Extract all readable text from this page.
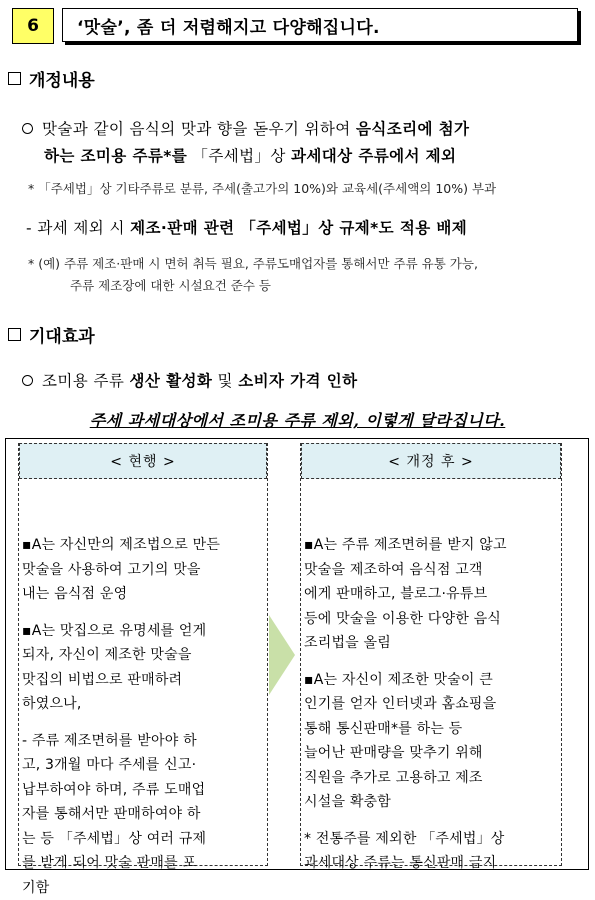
6 ‘맛술’, 좀 더 저렴해지고 다양해집니다.
개정내용
맛술과 같이 음식의 맛과 향을 돋우기 위하여 음식조리에 첨가
하는 조미용 주류*를 「주세법」상 과세대상 주류에서 제외
* 「주세법」상 기타주류로 분류, 주세(출고가의 10%)와 교육세(주세액의 10%) 부과
- 과세 제외 시 제조·판매 관련 「주세법」상 규제*도 적용 배제
* (예) 주류 제조·판매 시 면허 취득 필요, 주류도매업자를 통해서만 주류 유통 가능,
주류 제조장에 대한 시설요건 준수 등
기대효과
조미용 주류 생산 활성화 및 소비자 가격 인하
주세 과세대상에서 조미용 주류 제외, 이렇게 달라집니다.
< 현행 >
▪A는 자신만의 제조법으로 만든
맛술을 사용하여 고기의 맛을
내는 음식점 운영
▪A는 맛집으로 유명세를 얻게
되자, 자신이 제조한 맛술을
맛집의 비법으로 판매하려
하였으나,
- 주류 제조면허를 받아야 하
고, 3개월 마다 주세를 신고·
납부하여야 하며, 주류 도매업
자를 통해서만 판매하여야 하
는 등 「주세법」상 여러 규제
를 받게 되어 맛술 판매를 포
기함
< 개정 후 >
▪A는 주류 제조면허를 받지 않고
맛술을 제조하여 음식점 고객
에게 판매하고, 블로그·유튜브
등에 맛술을 이용한 다양한 음식
조리법을 올림
▪A는 자신이 제조한 맛술이 큰
인기를 얻자 인터넷과 홈쇼핑을
통해 통신판매*를 하는 등
늘어난 판매량을 맞추기 위해
직원을 추가로 고용하고 제조
시설을 확충함
* 전통주를 제외한 「주세법」상
과세대상 주류는 통신판매 금지
